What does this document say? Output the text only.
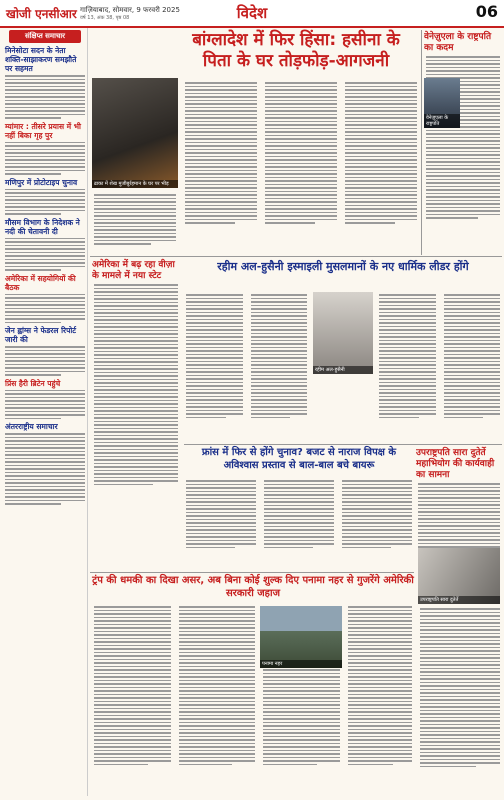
खोजी एनसीआर गाज़ियाबाद, सोमवार, 9 फरवरी 2025
वर्ष 13, अंक 38, पृष्ठ 08	विदेश	06
संक्षिप्त समाचार
मिनेसोटा सदन के नेता शक्ति-साझाकरण समझौते पर सहमत
म्यांमार : तीसरे प्रयास में भी नहीं बिका गृह पुर
मणिपुर में प्रोटोटाइप चुनाव
मौसम विभाग के निदेशक ने नदी की चेतावनी दी
अमेरिका में सहयोगियों की बैठक
जेन ह्वांग्स ने फेडरल रिपोर्ट जारी की
प्रिंस हैरी ब्रिटेन पहुंचे
अंतरराष्ट्रीय समाचार
बांग्लादेश में फिर हिंसा: हसीना के
पिता के घर तोड़फोड़-आगजनी
ढाका में शेख मुजीबुर्रहमान के घर पर भीड़
वेनेज़ुएला के राष्ट्रपति का कदम
वेनेज़ुएला के राष्ट्रपति
अमेरिका में बढ़ रहा वीज़ा के मामले में नया स्टेट
रहीम अल-हुसैनी इस्माइली मुसलमानों के नए धार्मिक लीडर होंगे
रहीम अल-हुसैनी
फ्रांस में फिर से होंगे चुनाव? बजट से नाराज विपक्ष के अविश्वास प्रस्ताव से बाल-बाल बचे बायरू
उपराष्ट्रपति सारा दुतेर्ते महाभियोग की कार्यवाही का सामना
उपराष्ट्रपति सारा दुतेर्ते
ट्रंप की धमकी का दिखा असर, अब बिना कोई शुल्क दिए पनामा नहर से गुजरेंगे अमेरिकी सरकारी जहाज
पनामा नहर
